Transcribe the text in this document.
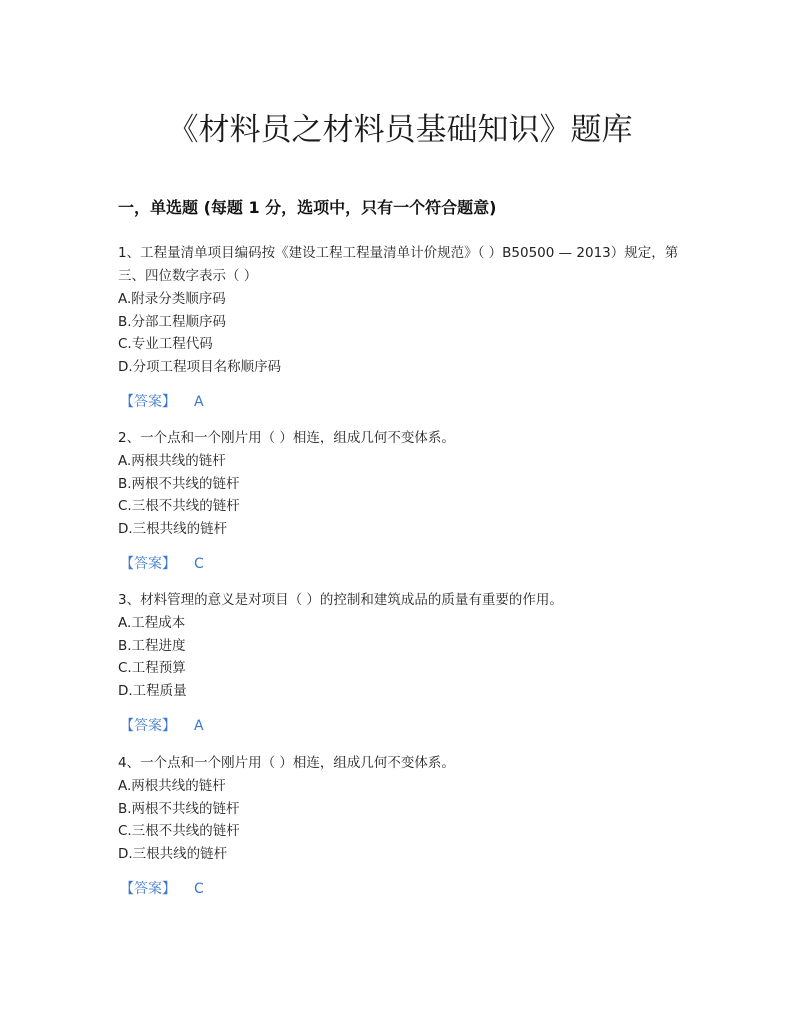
《材料员之材料员基础知识》题库
一，单选题 (每题 1 分，选项中，只有一个符合题意)

1、工程量清单项目编码按《建设工程工程量清单计价规范》（ ）B50500 — 2013）规定，第三、四位数字表示（ ）

A.附录分类顺序码

B.分部工程顺序码

C.专业工程代码

D.分项工程项目名称顺序码

【答案】 A

2、一个点和一个刚片用（ ）相连，组成几何不变体系。

A.两根共线的链杆

B.两根不共线的链杆

C.三根不共线的链杆

D.三根共线的链杆

【答案】 C

3、材料管理的意义是对项目（ ）的控制和建筑成品的质量有重要的作用。

A.工程成本

B.工程进度

C.工程预算

D.工程质量

【答案】 A

4、一个点和一个刚片用（ ）相连，组成几何不变体系。

A.两根共线的链杆

B.两根不共线的链杆

C.三根不共线的链杆

D.三根共线的链杆

【答案】 C
